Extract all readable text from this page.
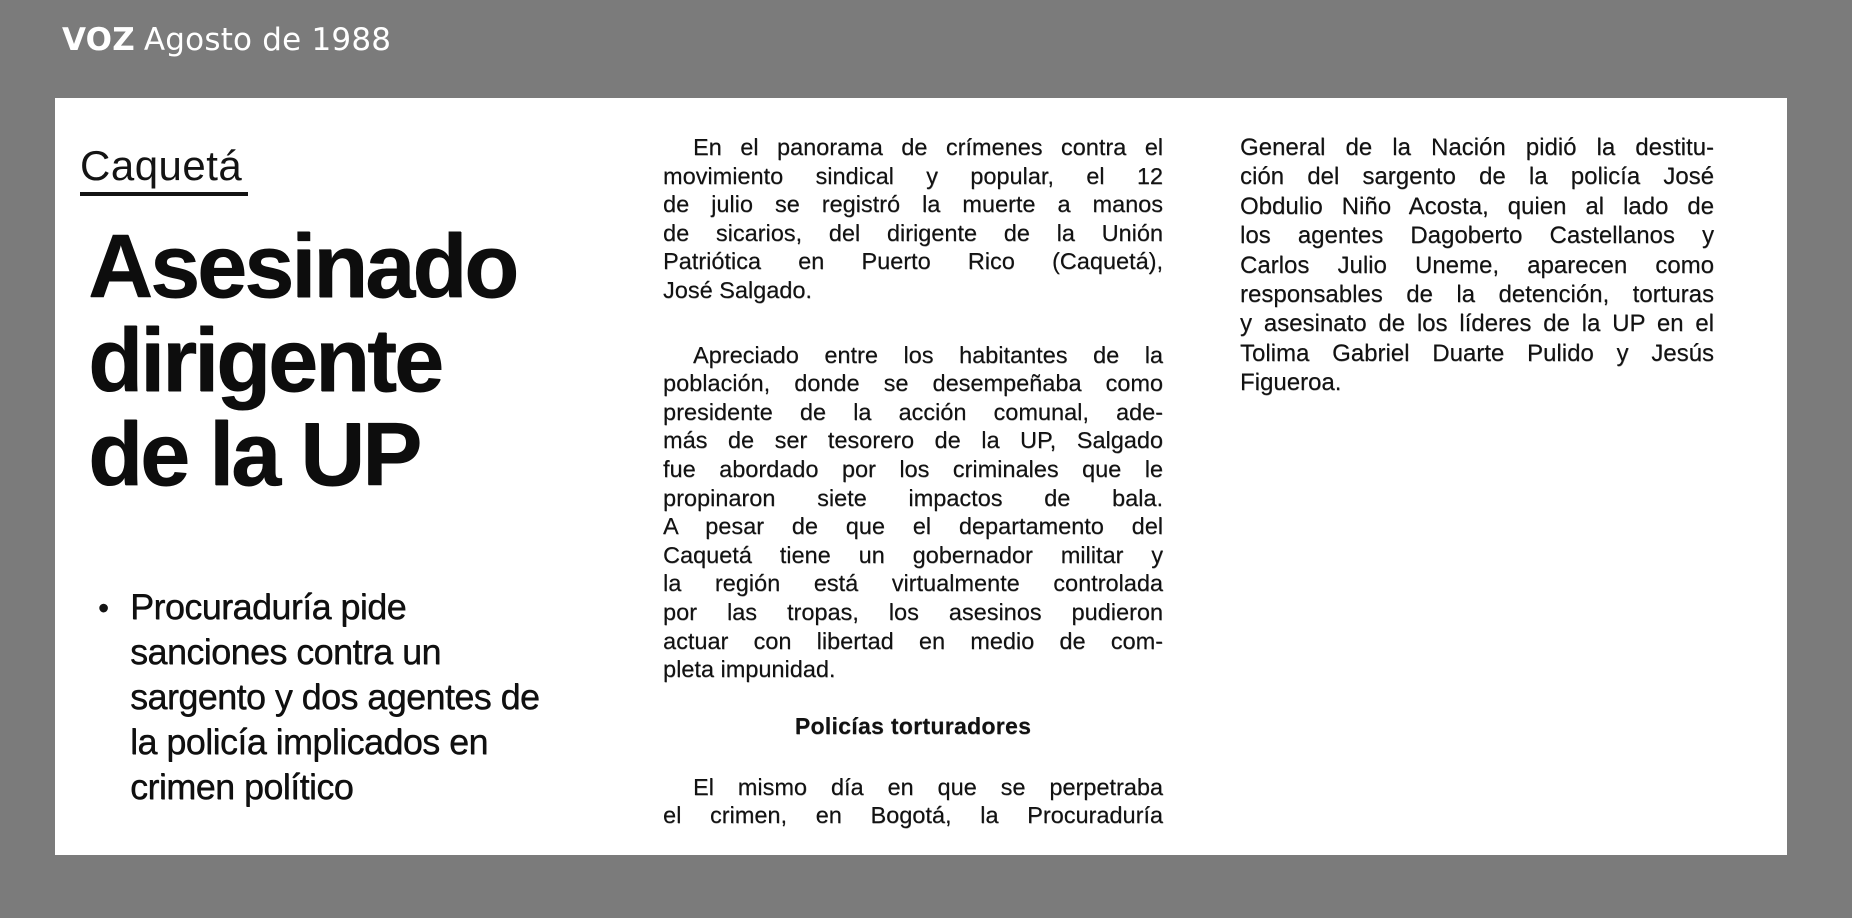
VOZ Agosto de 1988
Caquetá
Asesinado
dirigente
de la UP
• Procuraduría pide
sanciones contra un
sargento y dos agentes de
la policía implicados en
crimen político
En el panorama de crímenes contra el
movimiento sindical y popular, el 12
de julio se registró la muerte a manos
de sicarios, del dirigente de la Unión
Patriótica en Puerto Rico (Caquetá),
José Salgado.
Apreciado entre los habitantes de la
población, donde se desempeñaba como
presidente de la acción comunal, ade-
más de ser tesorero de la UP, Salgado
fue abordado por los criminales que le
propinaron siete impactos de bala.
A pesar de que el departamento del
Caquetá tiene un gobernador militar y
la región está virtualmente controlada
por las tropas, los asesinos pudieron
actuar con libertad en medio de com-
pleta impunidad.
Policías torturadores
El mismo día en que se perpetraba
el crimen, en Bogotá, la Procuraduría
General de la Nación pidió la destitu-
ción del sargento de la policía José
Obdulio Niño Acosta, quien al lado de
los agentes Dagoberto Castellanos y
Carlos Julio Uneme, aparecen como
responsables de la detención, torturas
y asesinato de los líderes de la UP en el
Tolima Gabriel Duarte Pulido y Jesús
Figueroa.
